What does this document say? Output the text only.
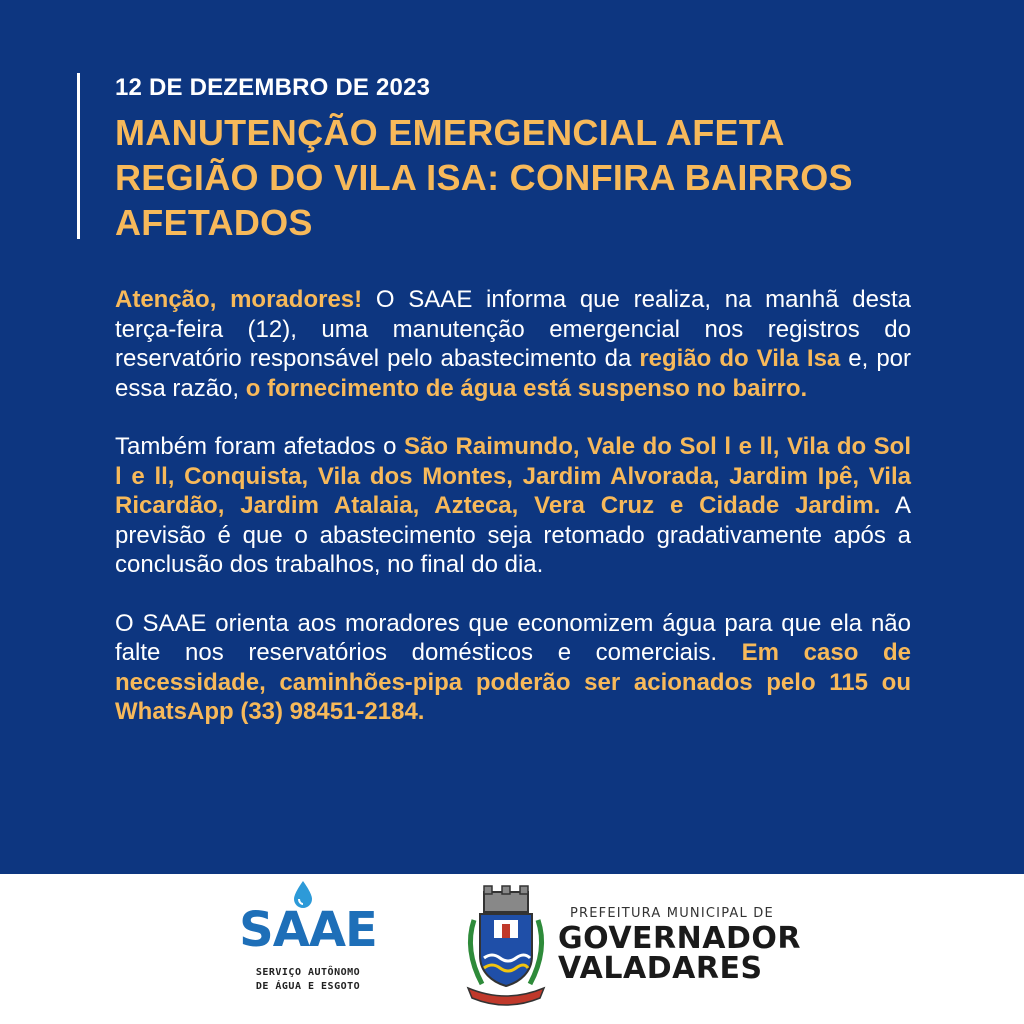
12 DE DEZEMBRO DE 2023
MANUTENÇÃO EMERGENCIAL AFETA REGIÃO DO VILA ISA: CONFIRA BAIRROS AFETADOS

Atenção, moradores! O SAAE informa que realiza, na manhã desta terça-feira (12), uma manutenção emergencial nos registros do reservatório responsável pelo abastecimento da região do Vila Isa e, por essa razão, o fornecimento de água está suspenso no bairro.

Também foram afetados o São Raimundo, Vale do Sol l e ll, Vila do Sol l e ll, Conquista, Vila dos Montes, Jardim Alvorada, Jardim Ipê, Vila Ricardão, Jardim Atalaia, Azteca, Vera Cruz e Cidade Jardim. A previsão é que o abastecimento seja retomado gradativamente após a conclusão dos trabalhos, no final do dia.

O SAAE orienta aos moradores que economizem água para que ela não falte nos reservatórios domésticos e comerciais. Em caso de necessidade, caminhões-pipa poderão ser acionados pelo 115 ou WhatsApp (33) 98451-2184.

SAAE
SERVIÇO AUTÔNOMO
DE ÁGUA E ESGOTO
PREFEITURA MUNICIPAL DE
GOVERNADOR
VALADARES
